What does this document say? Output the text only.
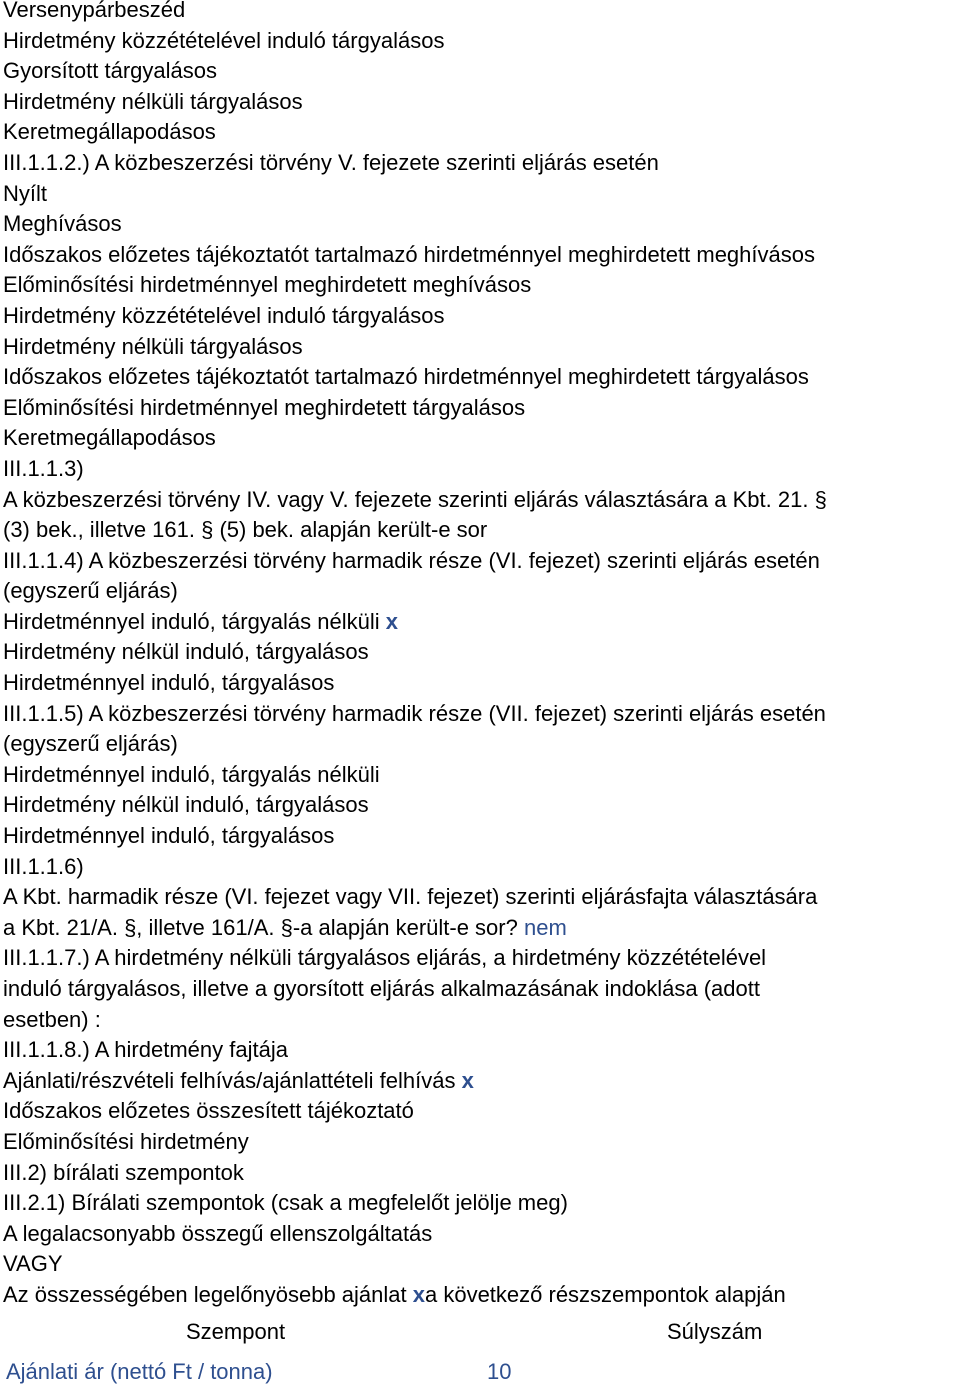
Versenypárbeszéd
Hirdetmény közzétételével induló tárgyalásos
Gyorsított tárgyalásos
Hirdetmény nélküli tárgyalásos
Keretmegállapodásos
III.1.1.2.) A közbeszerzési törvény V. fejezete szerinti eljárás esetén
Nyílt
Meghívásos
Időszakos előzetes tájékoztatót tartalmazó hirdetménnyel meghirdetett meghívásos
Előminősítési hirdetménnyel meghirdetett meghívásos
Hirdetmény közzétételével induló tárgyalásos
Hirdetmény nélküli tárgyalásos
Időszakos előzetes tájékoztatót tartalmazó hirdetménnyel meghirdetett tárgyalásos
Előminősítési hirdetménnyel meghirdetett tárgyalásos
Keretmegállapodásos
III.1.1.3)
A közbeszerzési törvény IV. vagy V. fejezete szerinti eljárás választására a Kbt. 21. §
(3) bek., illetve 161. § (5) bek. alapján került-e sor
III.1.1.4) A közbeszerzési törvény harmadik része (VI. fejezet) szerinti eljárás esetén
(egyszerű eljárás)
Hirdetménnyel induló, tárgyalás nélküli x
Hirdetmény nélkül induló, tárgyalásos
Hirdetménnyel induló, tárgyalásos
III.1.1.5) A közbeszerzési törvény harmadik része (VII. fejezet) szerinti eljárás esetén
(egyszerű eljárás)
Hirdetménnyel induló, tárgyalás nélküli
Hirdetmény nélkül induló, tárgyalásos
Hirdetménnyel induló, tárgyalásos
III.1.1.6)
A Kbt. harmadik része (VI. fejezet vagy VII. fejezet) szerinti eljárásfajta választására
a Kbt. 21/A. §, illetve 161/A. §-a alapján került-e sor? nem
III.1.1.7.) A hirdetmény nélküli tárgyalásos eljárás, a hirdetmény közzétételével
induló tárgyalásos, illetve a gyorsított eljárás alkalmazásának indoklása (adott
esetben) :
III.1.1.8.) A hirdetmény fajtája
Ajánlati/részvételi felhívás/ajánlattételi felhívás x
Időszakos előzetes összesített tájékoztató
Előminősítési hirdetmény
III.2) bírálati szempontok
III.2.1) Bírálati szempontok (csak a megfelelőt jelölje meg)
A legalacsonyabb összegű ellenszolgáltatás
VAGY
Az összességében legelőnyösebb ajánlat xa következő részszempontok alapján
Szempont	Súlyszám
Ajánlati ár (nettó Ft / tonna)	10
